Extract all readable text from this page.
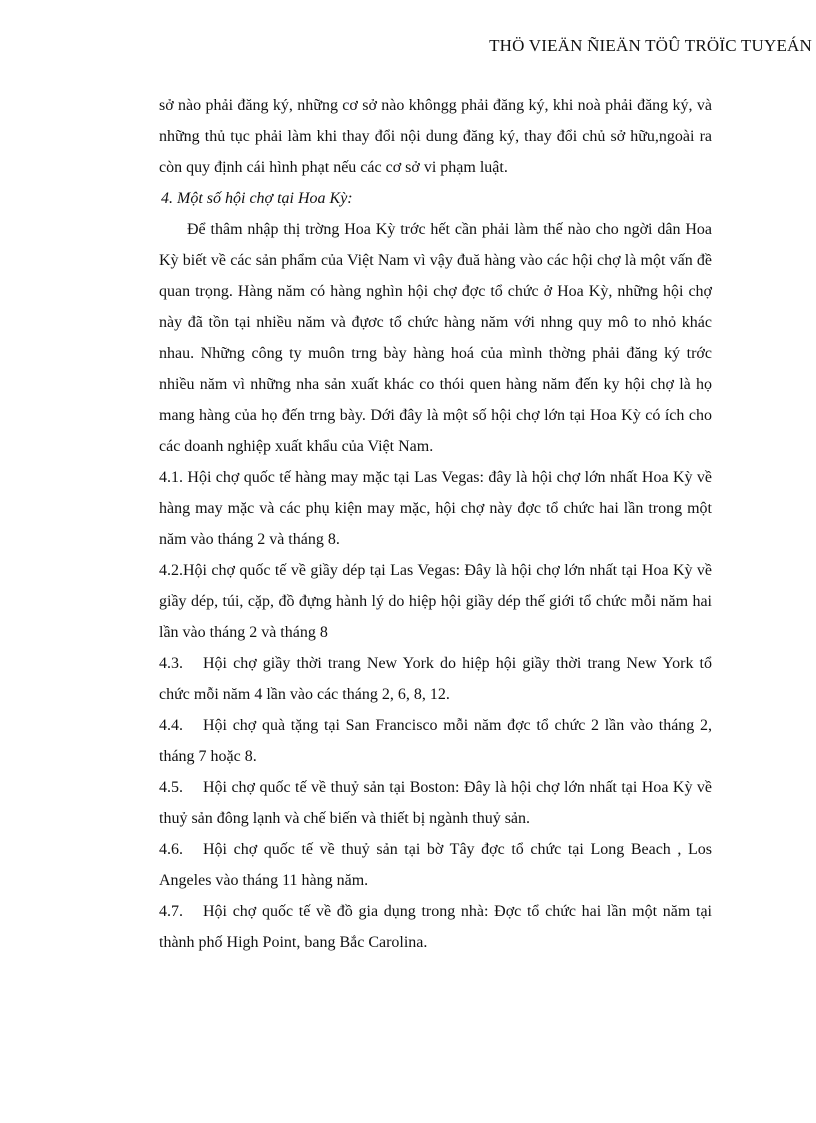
THÖ VIEÄN ÑIEÄN TÖÛ TRÖÏC TUYEÁN

sở nào phải đăng ký, những cơ sở nào khôngg phải đăng ký, khi noà phải đăng ký, và những thủ tục phải làm khi thay đổi nội dung đăng ký, thay đổi chủ sở hữu,ngoài ra còn quy định cái hình phạt nếu các cơ sở vi phạm luật.

4. Một số hội chợ tại Hoa Kỳ:

Để thâm nhập thị trờng Hoa Kỳ trớc hết cần phải làm thế nào cho ngời dân Hoa Kỳ biết về các sản phẩm của Việt Nam vì vậy đuă hàng vào các hội chợ là một vấn đề quan trọng. Hàng năm có hàng nghìn hội chợ đợc tổ chức ở Hoa Kỳ, những hội chợ này đã tồn tại nhiều năm và đựơc tổ chức hàng năm với nhng quy mô to nhỏ khác nhau. Những công ty muôn trng bày hàng hoá của mình thờng phải đăng ký trớc nhiều năm vì những nha sản xuất khác co thói quen hàng năm đến ky hội chợ là họ mang hàng của họ đến trng bày. Dới đây là một số hội chợ lớn tại Hoa Kỳ có ích cho các doanh nghiệp xuất khẩu của Việt Nam.

4.1. Hội chợ quốc tế hàng may mặc tại Las Vegas: đây là hội chợ lớn nhất Hoa Kỳ về hàng may mặc và các phụ kiện may mặc, hội chợ này đợc tổ chức hai lần trong một năm vào tháng 2 và tháng 8.

4.2.Hội chợ quốc tế về giầy dép tại Las Vegas: Đây là hội chợ lớn nhất tại Hoa Kỳ về giầy dép, túi, cặp, đồ đựng hành lý do hiệp hội giầy dép thế giới tổ chức mỗi năm hai lần vào tháng 2 và tháng 8

4.3. Hội chợ giầy thời trang New York do hiệp hội giầy thời trang New York tổ chức mỗi năm 4 lần vào các tháng 2, 6, 8, 12.

4.4. Hội chợ quà tặng tại San Francisco mỗi năm đợc tổ chức 2 lần vào tháng 2, tháng 7 hoặc 8.

4.5. Hội chợ quốc tế về thuỷ sản tại Boston: Đây là hội chợ lớn nhất tại Hoa Kỳ về thuỷ sản đông lạnh và chế biến và thiết bị ngành thuỷ sản.

4.6. Hội chợ quốc tế về thuỷ sản tại bờ Tây đợc tổ chức tại Long Beach , Los Angeles vào tháng 11 hàng năm.

4.7. Hội chợ quốc tế về đồ gia dụng trong nhà: Đợc tổ chức hai lần một năm tại thành phố High Point, bang Bắc Carolina.
